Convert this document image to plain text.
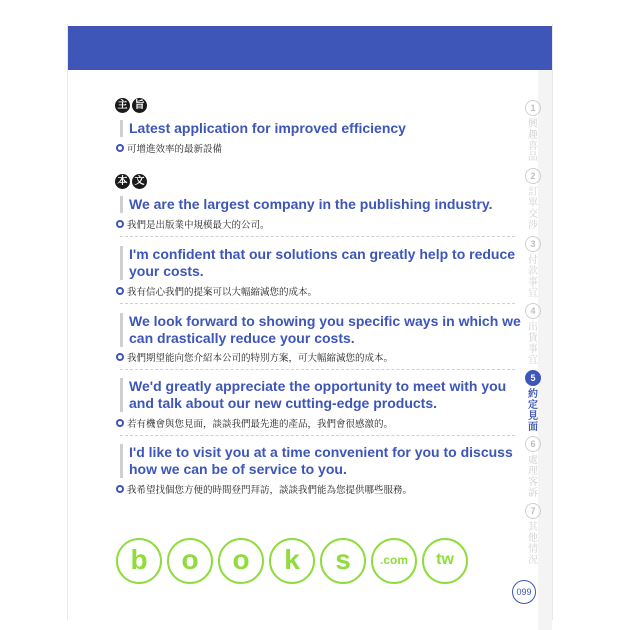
主 旨
Latest application for improved efficiency
可增進效率的最新設備
本 文
We are the largest company in the publishing industry.
我們是出版業中規模最大的公司。
I'm confident that our solutions can greatly help to reduce your costs.
我有信心我們的提案可以大幅縮減您的成本。
We look forward to showing you specific ways in which we can drastically reduce your costs.
我們期望能向您介紹本公司的特別方案，可大幅縮減您的成本。
We'd greatly appreciate the opportunity to meet with you and talk about our new cutting-edge products.
若有機會與您見面，談談我們最先進的產品，我們會很感激的。
I'd like to visit you at a time convenient for you to discuss how we can be of service to you.
我希望找個您方便的時間登門拜訪，談談我們能為您提供哪些服務。
1
興趣喜品
2
訂單交涉
3
付款事宜
4
出貨事宜
5
約定見面
6
處理客訴
7
其他情況
099
b	o	o	k	s	.com	tw
